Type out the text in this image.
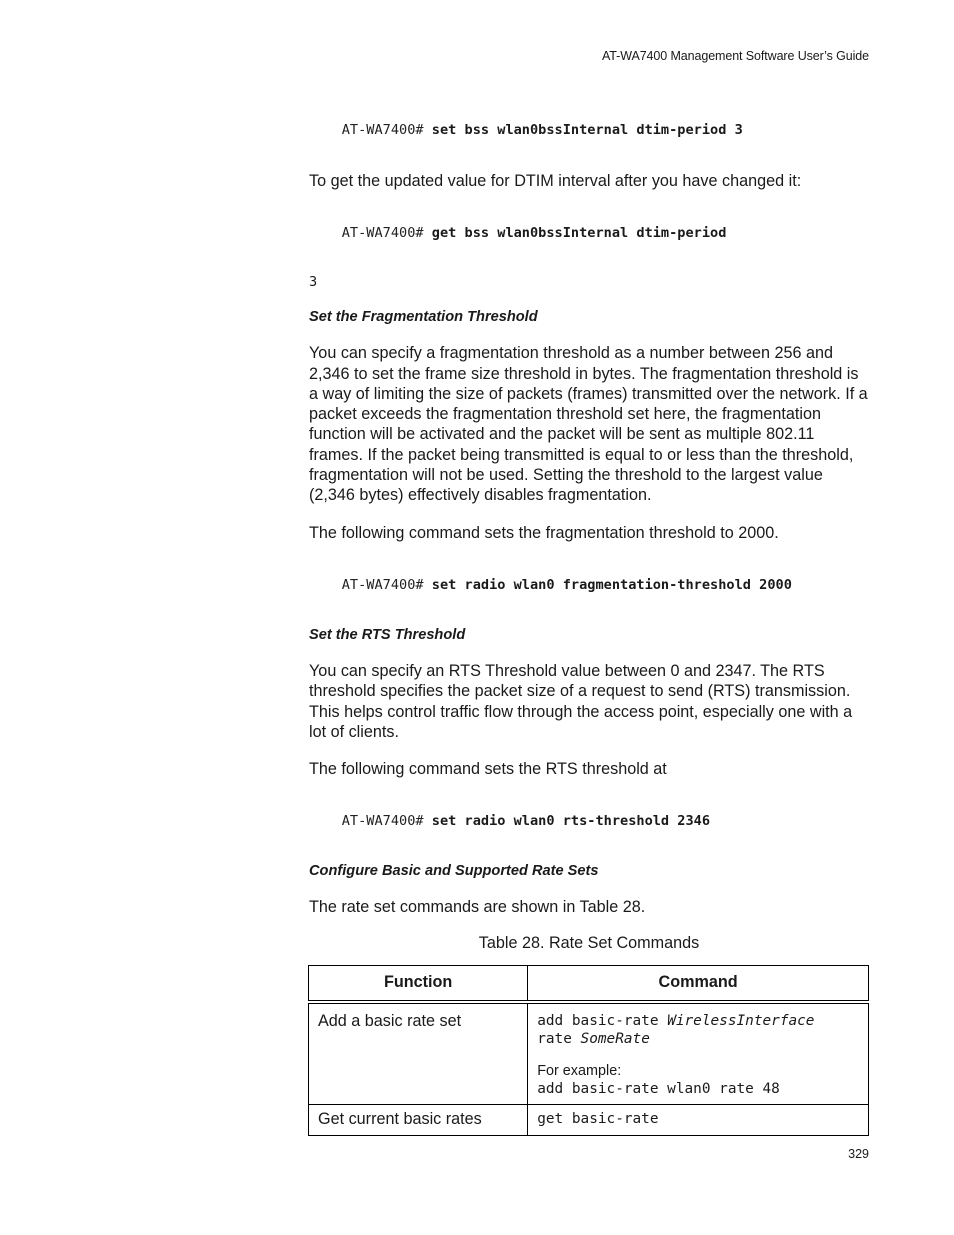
AT-WA7400 Management Software User’s Guide

AT-WA7400# set bss wlan0bssInternal dtim-period 3

To get the updated value for DTIM interval after you have changed it:

AT-WA7400# get bss wlan0bssInternal dtim-period

3

Set the Fragmentation Threshold

You can specify a fragmentation threshold as a number between 256 and 2,346 to set the frame size threshold in bytes. The fragmentation threshold is a way of limiting the size of packets (frames) transmitted over the network. If a packet exceeds the fragmentation threshold set here, the fragmentation function will be activated and the packet will be sent as multiple 802.11 frames. If the packet being transmitted is equal to or less than the threshold, fragmentation will not be used. Setting the threshold to the largest value (2,346 bytes) effectively disables fragmentation.

The following command sets the fragmentation threshold to 2000.

AT-WA7400# set radio wlan0 fragmentation-threshold 2000

Set the RTS Threshold

You can specify an RTS Threshold value between 0 and 2347. The RTS threshold specifies the packet size of a request to send (RTS) transmission. This helps control traffic flow through the access point, especially one with a lot of clients.

The following command sets the RTS threshold at

AT-WA7400# set radio wlan0 rts-threshold 2346

Configure Basic and Supported Rate Sets

The rate set commands are shown in Table 28.

Table 28. Rate Set Commands

Function	Command
Add a basic rate set	add basic-rate WirelessInterface
rate SomeRate
For example:
add basic-rate wlan0 rate 48

Get current basic rates	get basic-rate
329
